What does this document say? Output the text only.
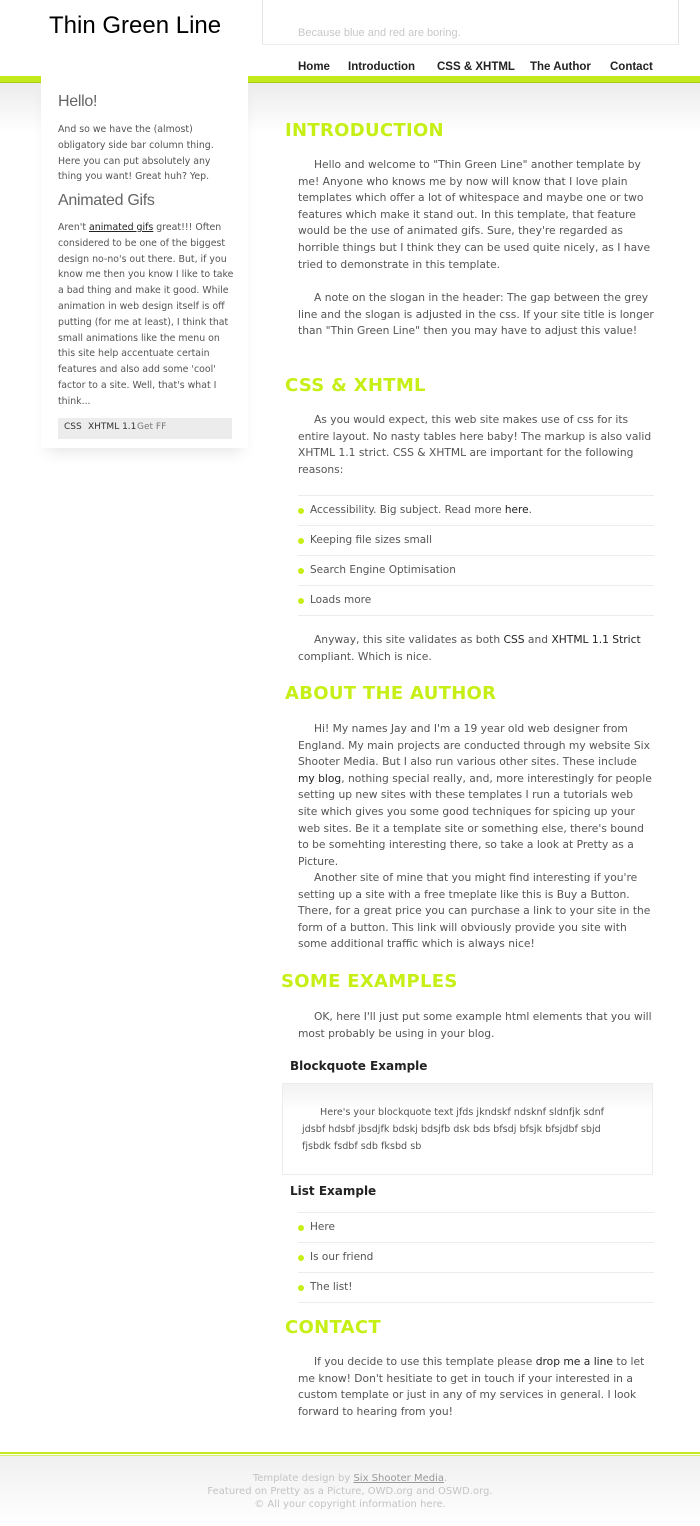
Thin Green Line	Because blue and red are boring.
Home Introduction CSS & XHTML The Author Contact
Hello!

And so we have the (almost) obligatory side bar column thing. Here you can put absolutely any thing you want! Great huh? Yep.

Animated Gifs

Aren't animated gifs great!!! Often considered to be one of the biggest design no-no's out there. But, if you know me then you know I like to take a bad thing and make it good. While animation in web design itself is off putting (for me at least), I think that small animations like the menu on this site help accentuate certain features and also add some 'cool' factor to a site. Well, that's what I think...

CSS XHTML 1.1 Get FF
INTRODUCTION

Hello and welcome to "Thin Green Line" another template by me! Anyone who knows me by now will know that I love plain templates which offer a lot of whitespace and maybe one or two features which make it stand out. In this template, that feature would be the use of animated gifs. Sure, they're regarded as horrible things but I think they can be used quite nicely, as I have tried to demonstrate in this template.

A note on the slogan in the header: The gap between the grey line and the slogan is adjusted in the css. If your site title is longer than "Thin Green Line" then you may have to adjust this value!

CSS & XHTML

As you would expect, this web site makes use of css for its entire layout. No nasty tables here baby! The markup is also valid XHTML 1.1 strict. CSS & XHTML are important for the following reasons:

Accessibility. Big subject. Read more here.
Keeping file sizes small
Search Engine Optimisation
Loads more

Anyway, this site validates as both CSS and XHTML 1.1 Strict compliant. Which is nice.

ABOUT THE AUTHOR

Hi! My names Jay and I'm a 19 year old web designer from England. My main projects are conducted through my website Six Shooter Media. But I also run various other sites. These include my blog, nothing special really, and, more interestingly for people setting up new sites with these templates I run a tutorials web site which gives you some good techniques for spicing up your web sites. Be it a template site or something else, there's bound to be somehting interesting there, so take a look at Pretty as a Picture.

Another site of mine that you might find interesting if you're setting up a site with a free tmeplate like this is Buy a Button. There, for a great price you can purchase a link to your site in the form of a button. This link will obviously provide you site with some additional traffic which is always nice!

SOME EXAMPLES

OK, here I'll just put some example html elements that you will most probably be using in your blog.

Blockquote Example

Here's your blockquote text jfds jkndskf ndsknf sldnfjk sdnf jdsbf hdsbf jbsdjfk bdskj bdsjfb dsk bds bfsdj bfsjk bfsjdbf sbjd fjsbdk fsdbf sdb fksbd sb

List Example
Here
Is our friend
The list!
CONTACT

If you decide to use this template please drop me a line to let me know! Don't hesitiate to get in touch if your interested in a custom template or just in any of my services in general. I look forward to hearing from you!

Template design by Six Shooter Media.

Featured on Pretty as a Picture, OWD.org and OSWD.org.

© All your copyright information here.
